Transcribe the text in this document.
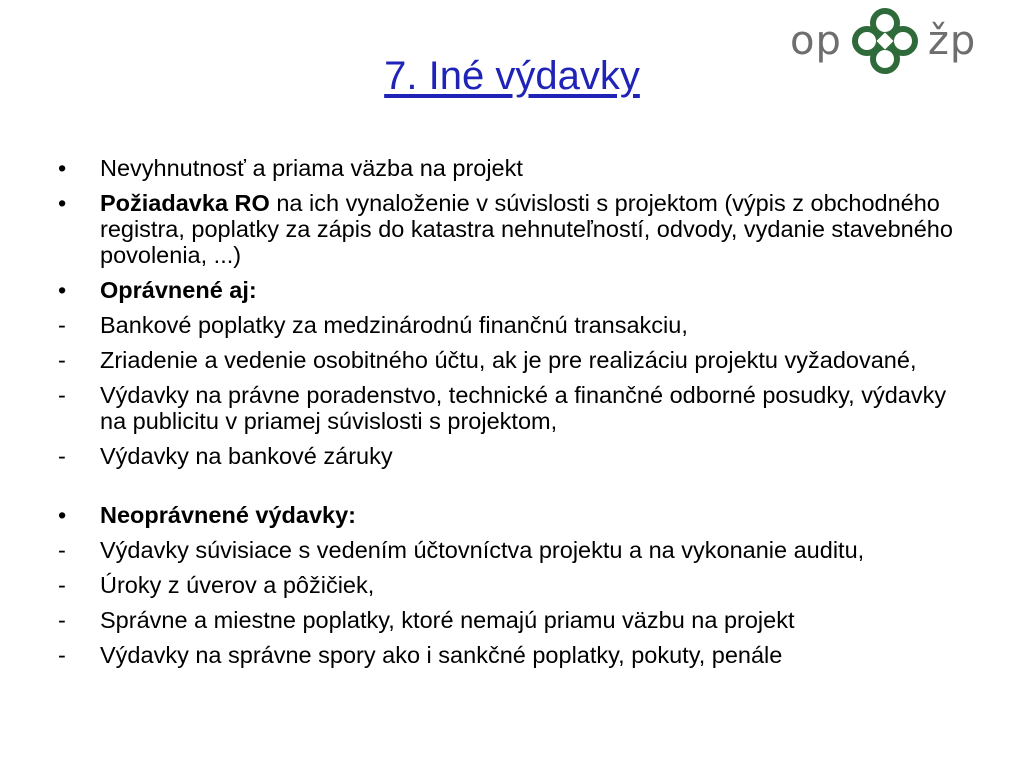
op žp
7. Iné výdavky
• Nevyhnutnosť a priama väzba na projekt
• Požiadavka RO na ich vynaloženie v súvislosti s projektom (výpis z obchodného registra, poplatky za zápis do katastra nehnuteľností, odvody, vydanie stavebného povolenia, ...)
• Oprávnené aj:
- Bankové poplatky za medzinárodnú finančnú transakciu,
- Zriadenie a vedenie osobitného účtu, ak je pre realizáciu projektu vyžadované,
- Výdavky na právne poradenstvo, technické a finančné odborné posudky, výdavky na publicitu v priamej súvislosti s projektom,
- Výdavky na bankové záruky
• Neoprávnené výdavky:
- Výdavky súvisiace s vedením účtovníctva projektu a na vykonanie auditu,
- Úroky z úverov a pôžičiek,
- Správne a miestne poplatky, ktoré nemajú priamu väzbu na projekt
- Výdavky na správne spory ako i sankčné poplatky, pokuty, penále
